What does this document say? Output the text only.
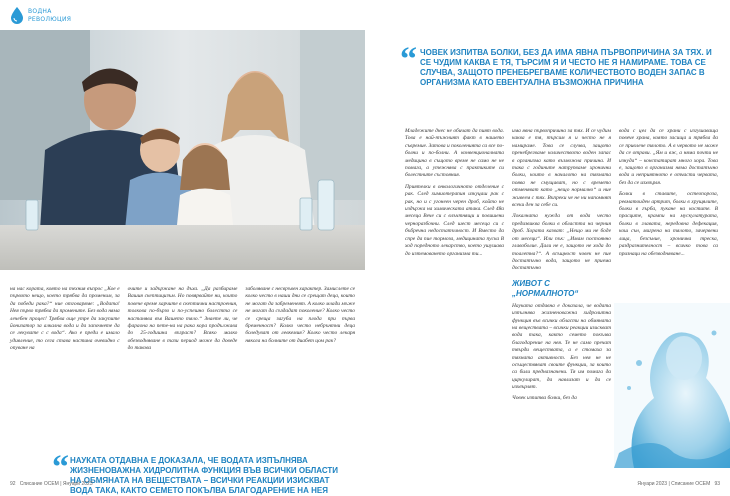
ВОДНА
РЕВОЛЮЦИЯ
на нас кората, която на техния въпрос „Кое е първото нещо, което трябва да променим, за да победи рака?“ ние отговаряме: „Водата! Нея първо трябва да промените. Без вода няма лечебен процес! Трябва още утре да закупите йонизатор за алкална вода и да започнете да се лекувате с с вода“. Ако е преди е имало удивление, то сега става настина очевидно с опуване на
очите и задържане на дъха. „Да разбираме Вашия скептицизъм. Но повярвайте ни, които повече време харчите в скептични настроения, толкова по-бързо и по-успешно болестта се настанява във Вашето тяло.“ Знаете ли, че фараона на пете-на на рака кора продължава до 25-годишна възраст? Всяко малко обезводняване в тази период може да доведе до такова
заболяване с несвръвен характер. Замислете се колко често в наши дни се срещат деца, които не могат да забременеят. А колко млади мъже не могат да създадат поколение? Колко често се среща загуба на плода при първа бременност? Колко често небрънтни деца боледуват от левкемия? Колко често лекаря някога на болните от диабет цом рак?
“ НАУКАТА ОТДАВНА Е ДОКАЗАЛА, ЧЕ ВОДАТА ИЗПЪЛНЯВА ЖИЗНЕНОВАЖНА ХИДРОЛИТНА ФУНКЦИЯ ВЪВ ВСИЧКИ ОБЛАСТИ НА ОБМЯНАТА НА ВЕЩЕСТВАТА – ВСИЧКИ РЕАКЦИИ ИЗИСКВАТ ВОДА ТАКА, КАКТО СЕМЕТО ПОКЪЛВА БЛАГОДАРЕНИЕ НА НЕЯ
92 Списание ОСЕМ | Януари 2023
“ ЧОВЕК ИЗПИТВА БОЛКИ, БЕЗ ДА ИМА ЯВНА ПЪРВОПРИЧИНА ЗА ТЯХ. И СЕ ЧУДИМ КАКВА Е ТЯ, ТЪРСИМ Я И ЧЕСТО НЕ Я НАМИРАМЕ. ТОВА СЕ СЛУЧВА, ЗАЩОТО ПРЕНЕБРЕГВАМЕ КОЛИЧЕСТВОТО ВОДЕН ЗАПАС В ОРГАНИЗМА КАТО ЕВЕНТУАЛНА ВЪЗМОЖНА ПРИЧИНА

Младежите днес не обичат да пият вода. Това е най-тъжният факт в нашето съвремие. Затова и поколенията са все по-болни и по-болни. А конвенционалната медицина в същото време не само не не помага, а утежнява с практиките си болестните състояния.

Приятелки в онкологичното отделение с рак. След химиотерапия изкуцаш рак с рак, но и с угонеен черен дроб, който не издържа на химическата атака. След 48а месеца Вече си с влъчтнящи и повишени черноразбочни. След шест месеца си с бъбречна недостатъчност. И Вместо да спре да пие тормоза, медицината пуска В ход поредното лекарство, което ушушава до изтемоването организма ти...

има явна първопричина за тях. И се чудим каква е тя, търсим я и често не я намираме. Това се случва, защото пренебрегваме количеството воден запас в организма като възможна причина. И така с годините натрупваме хронични болки, които в началото на тяхната поява не смущават, но с времето отменяват като „нещо нормално“ и ние живеем с тях. Въпреки че не ни напомнят всеки ден за себе си.

Локалната нужда от вода често предизвиква болки в областта на черния дроб. Хората казват: „Нещо ми не боде от месеци“. Или пък: „Имам постоянно главоболие. Дали не е, защото не хода до тоалетна?“. А всъщност човек не пие достатъчно вода, защото не приема достатъчно

ЖИВОТ С
„НОРМАЛНОТО“

Науката отдавна е доказала, че водата изпълнява жизненоважна хидролитна функция във всички области на обмяната на веществата – всички реакции изискват вода така, както семето покълва благодарение на нея. Те не само пречат твърди веществата, а е стомаха за тяхната активност. Без нея не не осъществяват своите функции, за които са били предназначени. Тя им помага да циркулират, да навлизат и да се изхвърлят.

Човек изпитва болки, без да

вода с цел да се храни с изгушаваща повече храна, която засища и трябва да се привлече тялото. А в червото не може да се отрави. „Ям и вж, а няма почти не изнуда“ – констатират много хора. Това е, защото в организма няма достатъчно вода и неприятното е отчасти червата, без да се изхвърля.

Болки в ставите, остеопороза, ревматоиден артрит, болки в хрущялите, болки в гърба, пукане на костите. В прасците, крампи на мускулатурата, болки в главата, нередовна дефекация, кош сън, мигрена на тялото, зачервени лица, безсъние, хронична треска, раздразнителност – всичко това са признаци на обезводняване...

Януари 2023 | Списание ОСЕМ 93
